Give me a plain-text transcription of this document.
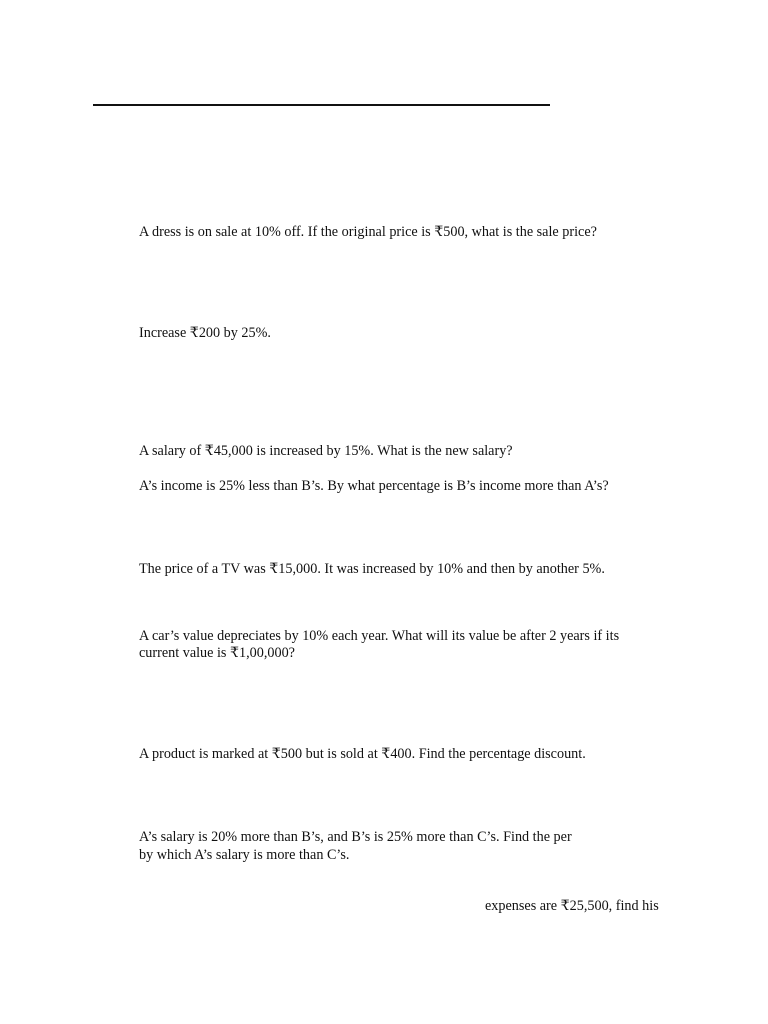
A dress is on sale at 10% off. If the original price is ₹500, what is the sale price?

Increase ₹200 by 25%.

A salary of ₹45,000 is increased by 15%. What is the new salary?

A’s income is 25% less than B’s. By what percentage is B’s income more than A’s?

The price of a TV was ₹15,000. It was increased by 10% and then by another 5%.

A car’s value depreciates by 10% each year. What will its value be after 2 years if its

current value is ₹1,00,000?

A product is marked at ₹500 but is sold at ₹400. Find the percentage discount.

A’s salary is 20% more than B’s, and B’s is 25% more than C’s. Find the per

by which A’s salary is more than C’s.

expenses are ₹25,500, find his
